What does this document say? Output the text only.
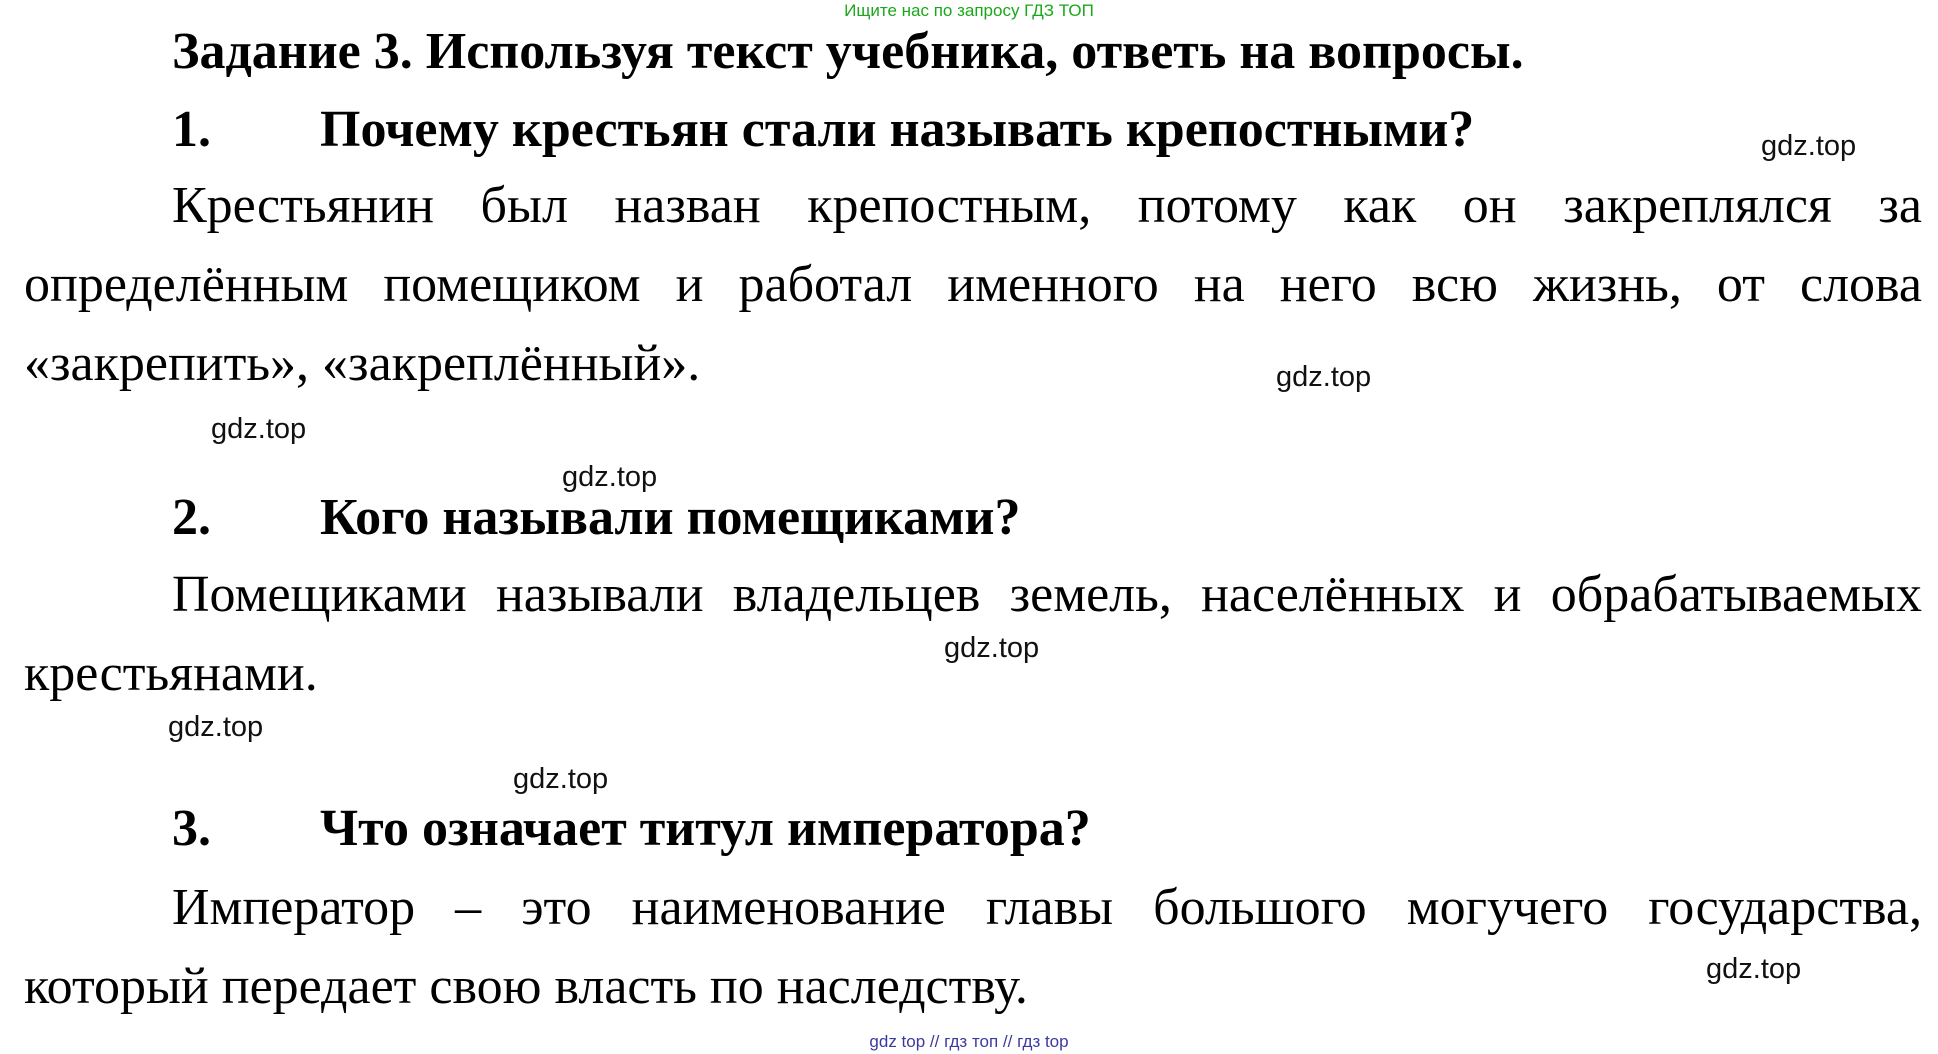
Ищите нас по запросу ГДЗ ТОП
Задание 3. Используя текст учебника, ответь на вопросы.
1. Почему крестьян стали называть крепостными?

Крестьянин был назван крепостным, потому как он закреплялся за определённым помещиком и работал именного на него всю жизнь, от слова «закрепить», «закреплённый».

2. Кого называли помещиками?

Помещиками называли владельцев земель, населённых и обрабатываемых крестьянами.

3. Что означает титул императора?

Император – это наименование главы большого могучего государства, который передает свою власть по наследству.

gdz.top
gdz.top
gdz.top
gdz.top
gdz.top
gdz.top
gdz.top
gdz.top
gdz top // гдз топ // гдз top
